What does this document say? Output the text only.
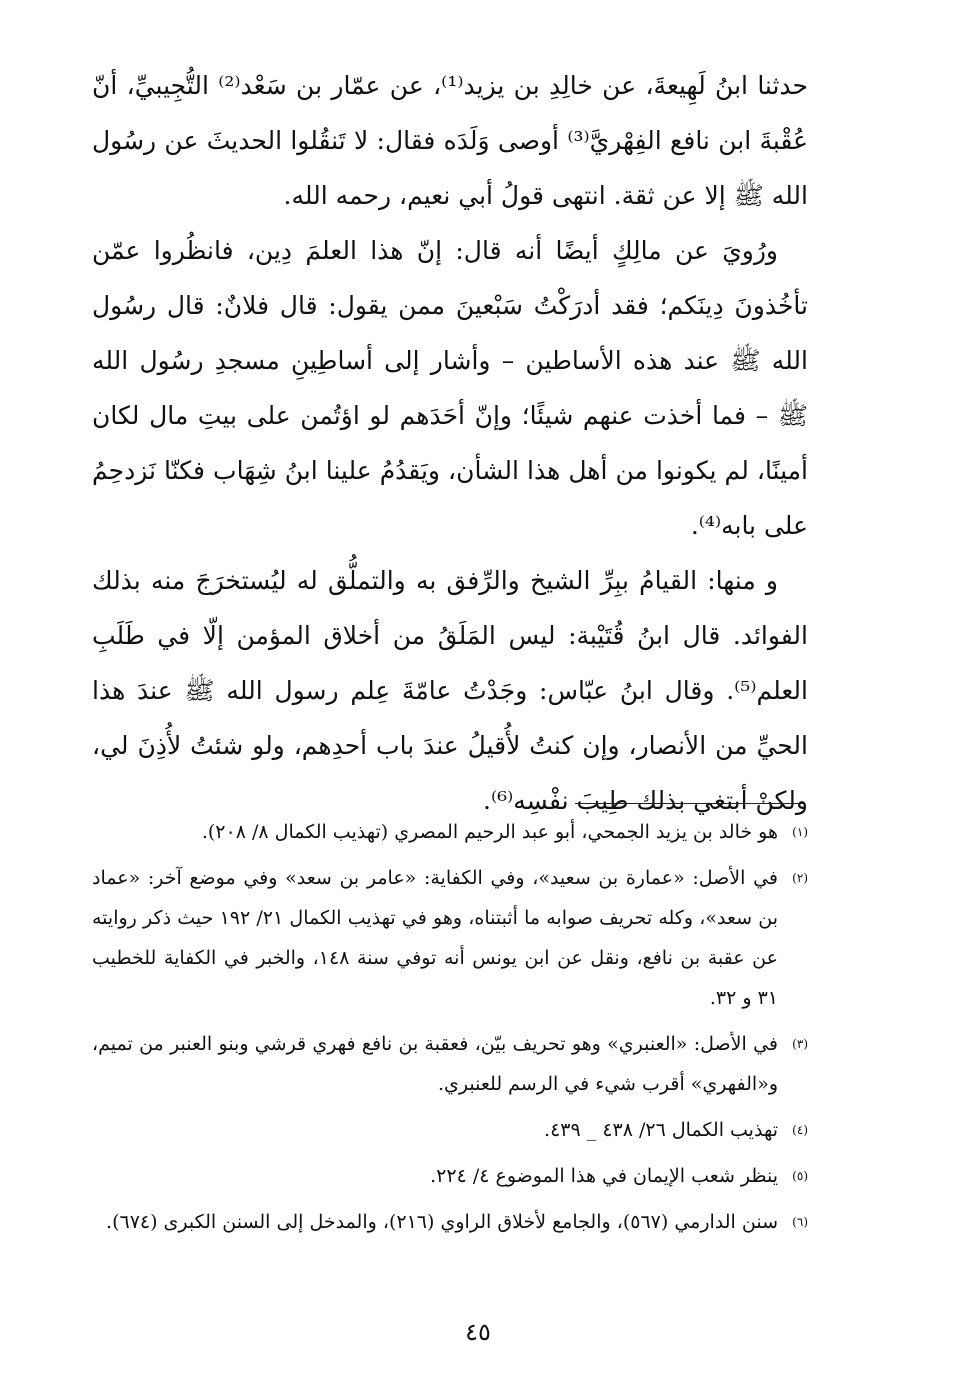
حدثنا ابنُ لَهِيعةَ، عن خالِدِ بن يزيد⁽¹⁾، عن عمّار بن سَعْد⁽²⁾ التُّجِيبيِّ، أنّ عُقْبةَ ابن نافع الفِهْريَّ⁽³⁾ أوصى وَلَدَه فقال: لا تَنقُلوا الحديثَ عن رسُول الله ﷺ إلا عن ثقة. انتهى قولُ أبي نعيم، رحمه الله.

ورُويَ عن مالِكٍ أيضًا أنه قال: إنّ هذا العلمَ دِين، فانظُروا عمّن تأخُذونَ دِينَكم؛ فقد أدرَكْتُ سَبْعينَ ممن يقول: قال فلانٌ: قال رسُول الله ﷺ عند هذه الأساطين – وأشار إلى أساطِينِ مسجدِ رسُول الله ﷺ – فما أخذت عنهم شيئًا؛ وإنّ أحَدَهم لو اؤتُمن على بيتِ مال لكان أمينًا، لم يكونوا من أهل هذا الشأن، ويَقدُمُ علينا ابنُ شِهَاب فكنّا نَزدحِمُ على بابه⁽⁴⁾.

و منها: القيامُ ببِرِّ الشيخ والرِّفق به والتملُّق له ليُستخرَجَ منه بذلك الفوائد. قال ابنُ قُتَيْبة: ليس المَلَقُ من أخلاق المؤمن إلّا في طَلَبِ العلم⁽⁵⁾. وقال ابنُ عبّاس: وجَدْتُ عامّةَ عِلم رسول الله ﷺ عندَ هذا الحيِّ من الأنصار، وإن كنتُ لأُقيلُ عندَ باب أحدِهم، ولو شئتُ لأُذِنَ لي، ولكنْ أبتغي بذلك طِيبَ نفْسِه⁽⁶⁾.

(١)
هو خالد بن يزيد الجمحي، أبو عبد الرحيم المصري (تهذيب الكمال ٨/ ٢٠٨).
(٢)
في الأصل: «عمارة بن سعيد»، وفي الكفاية: «عامر بن سعد» وفي موضع آخر: «عماد بن سعد»، وكله تحريف صوابه ما أثبتناه، وهو في تهذيب الكمال ٢١/ ١٩٢ حيث ذكر روايته عن عقبة بن نافع، ونقل عن ابن يونس أنه توفي سنة ١٤٨، والخبر في الكفاية للخطيب ٣١ و ٣٢.
(٣)
في الأصل: «العنبري» وهو تحريف بيّن، فعقبة بن نافع فهري قرشي وبنو العنبر من تميم، و«الفهري» أقرب شيء في الرسم للعنبري.
(٤)
تهذيب الكمال ٢٦/ ٤٣٨ _ ٤٣٩.
(٥)
ينظر شعب الإيمان في هذا الموضوع ٤/ ٢٢٤.
(٦)
سنن الدارمي (٥٦٧)، والجامع لأخلاق الراوي (٢١٦)، والمدخل إلى السنن الكبرى (٦٧٤).
٤٥
